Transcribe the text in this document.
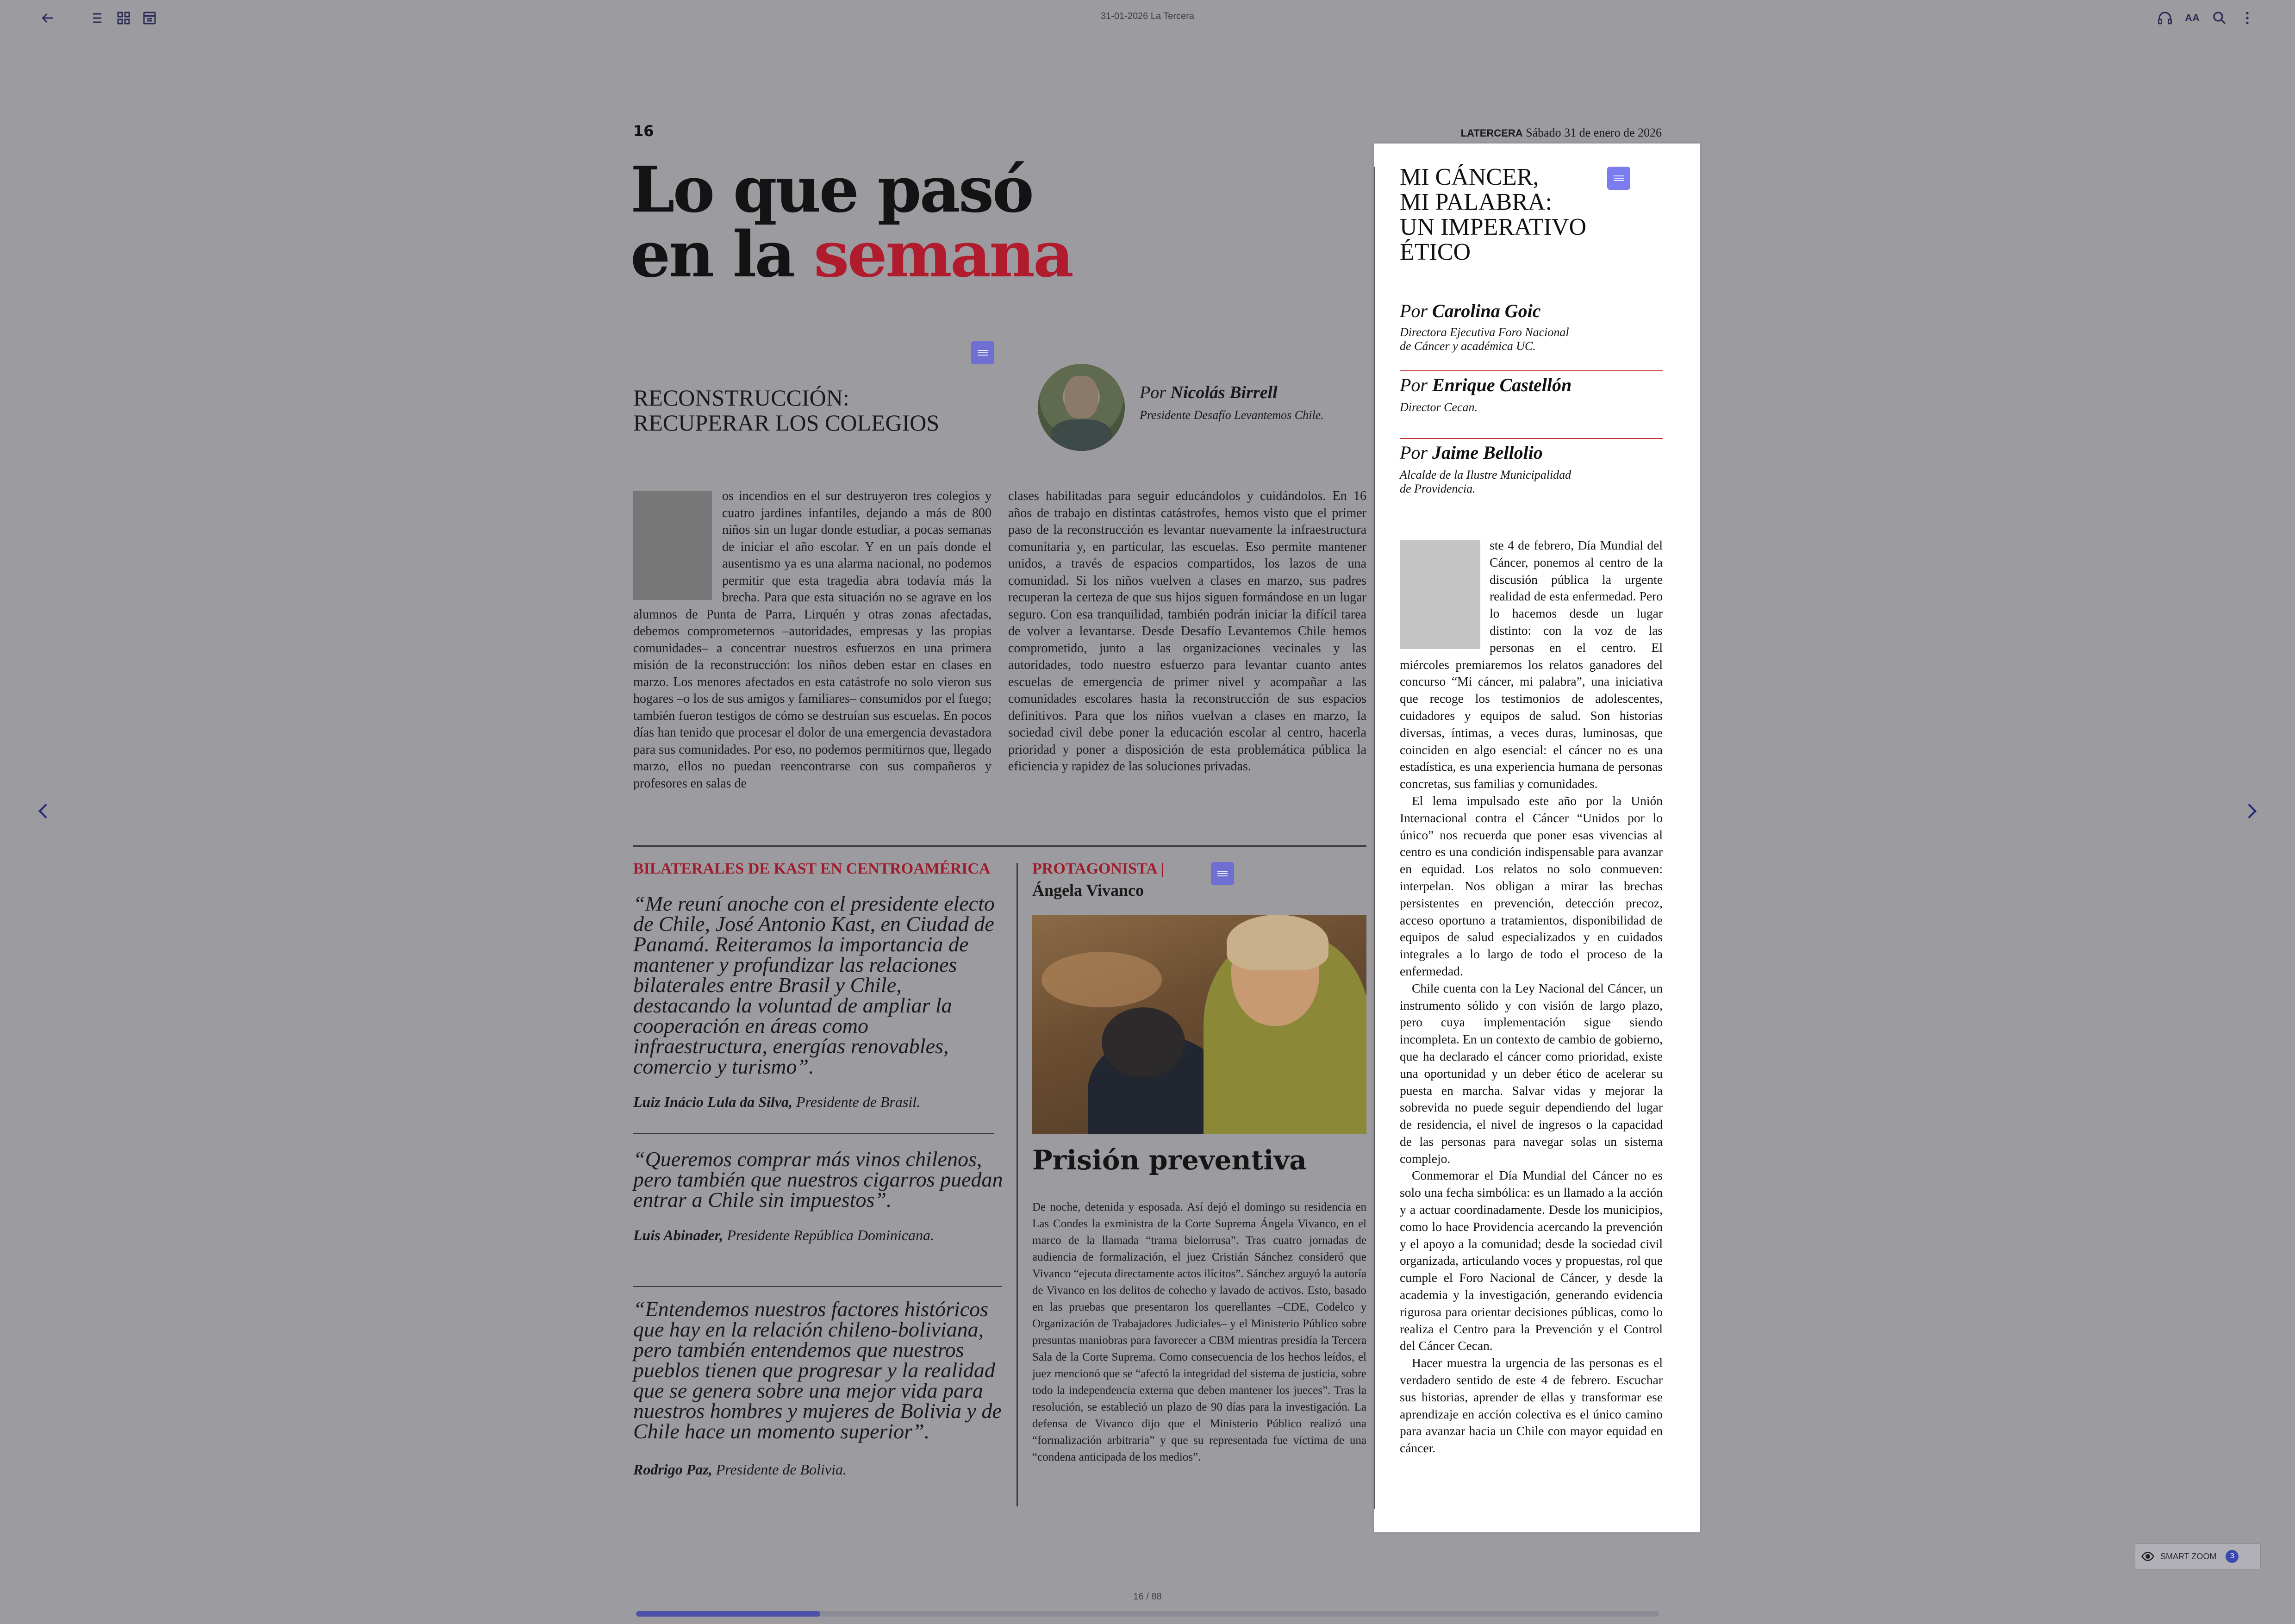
31-01-2026 La Tercera	AA
16	LATERCERA Sábado 31 de enero de 2026
Lo que pasó
en la semana
RECONSTRUCCIÓN:
RECUPERAR LOS COLEGIOS
Por Nicolás Birrell
Presidente Desafío Levantemos Chile.
os incendios en el sur destruyeron tres colegios y cuatro jardines infantiles, dejando a más de 800 niños sin un lugar donde estudiar, a pocas semanas de iniciar el año escolar. Y en un país donde el ausentismo ya es una alarma nacional, no podemos permitir que esta tragedia abra todavía más la brecha. Para que esta situación no se agrave en los alumnos de Punta de Parra, Lirquén y otras zonas afectadas, debemos comprometernos –autoridades, empresas y las propias comunidades– a concentrar nuestros esfuerzos en una primera misión de la reconstrucción: los niños deben estar en clases en marzo. Los menores afectados en esta catástrofe no solo vieron sus hogares –o los de sus amigos y familiares– consumidos por el fuego; también fueron testigos de cómo se destruían sus escuelas. En pocos días han tenido que procesar el dolor de una emergencia devastadora para sus comunidades. Por eso, no podemos permitirnos que, llegado marzo, ellos no puedan reencontrarse con sus compañeros y profesores en salas de
clases habilitadas para seguir educándolos y cuidándolos. En 16 años de trabajo en distintas catástrofes, hemos visto que el primer paso de la reconstrucción es levantar nuevamente la infraestructura comunitaria y, en particular, las escuelas. Eso permite mantener unidos, a través de espacios compartidos, los lazos de una comunidad. Si los niños vuelven a clases en marzo, sus padres recuperan la certeza de que sus hijos siguen formándose en un lugar seguro. Con esa tranquilidad, también podrán iniciar la difícil tarea de volver a levantarse. Desde Desafío Levantemos Chile hemos comprometido, junto a las organizaciones vecinales y las autoridades, todo nuestro esfuerzo para levantar cuanto antes escuelas de emergencia de primer nivel y acompañar a las comunidades escolares hasta la reconstrucción de sus espacios definitivos. Para que los niños vuelvan a clases en marzo, la sociedad civil debe poner la educación escolar al centro, hacerla prioridad y poner a disposición de esta problemática pública la eficiencia y rapidez de las soluciones privadas.
BILATERALES DE KAST EN CENTROAMÉRICA
“Me reuní anoche con el presidente electo de Chile, José Antonio Kast, en Ciudad de Panamá. Reiteramos la importancia de mantener y profundizar las relaciones bilaterales entre Brasil y Chile, destacando la voluntad de ampliar la cooperación en áreas como infraestructura, energías renovables, comercio y turismo”.
Luiz Inácio Lula da Silva, Presidente de Brasil.
“Queremos comprar más vinos chilenos, pero también que nuestros cigarros puedan entrar a Chile sin impuestos”.
Luis Abinader, Presidente República Dominicana.
“Entendemos nuestros factores históricos que hay en la relación chileno-boliviana, pero también entendemos que nuestros pueblos tienen que progresar y la realidad que se genera sobre una mejor vida para nuestros hombres y mujeres de Bolivia y de Chile hace un momento superior”.
Rodrigo Paz, Presidente de Bolivia.
PROTAGONISTA |
Ángela Vivanco
Prisión preventiva
De noche, detenida y esposada. Así dejó el domingo su residencia en Las Condes la exministra de la Corte Suprema Ángela Vivanco, en el marco de la llamada “trama bielorrusa”. Tras cuatro jornadas de audiencia de formalización, el juez Cristián Sánchez consideró que Vivanco “ejecuta directamente actos ilícitos”. Sánchez arguyó la autoría de Vivanco en los delitos de cohecho y lavado de activos. Esto, basado en las pruebas que presentaron los querellantes –CDE, Codelco y Organización de Trabajadores Judiciales– y el Ministerio Público sobre presuntas maniobras para favorecer a CBM mientras presidía la Tercera Sala de la Corte Suprema. Como consecuencia de los hechos leídos, el juez mencionó que se “afectó la integridad del sistema de justicia, sobre todo la independencia externa que deben mantener los jueces”. Tras la resolución, se estableció un plazo de 90 días para la investigación. La defensa de Vivanco dijo que el Ministerio Público realizó una “formalización arbitraria” y que su representada fue víctima de una “condena anticipada de los medios”.
MI CÁNCER,
MI PALABRA:
UN IMPERATIVO
ÉTICO
Por Carolina Goic
Directora Ejecutiva Foro Nacional
de Cáncer y académica UC.
Por Enrique Castellón
Director Cecan.
Por Jaime Bellolio
Alcalde de la Ilustre Municipalidad
de Providencia.

ste 4 de febrero, Día Mundial del Cáncer, ponemos al centro de la discusión pública la urgente realidad de esta enfermedad. Pero lo hacemos desde un lugar distinto: con la voz de las personas en el centro. El miércoles premiaremos los relatos ganadores del concurso “Mi cáncer, mi palabra”, una iniciativa que recoge los testimonios de adolescentes, cuidadores y equipos de salud. Son historias diversas, íntimas, a veces duras, luminosas, que coinciden en algo esencial: el cáncer no es una estadística, es una experiencia humana de personas concretas, sus familias y comunidades.

El lema impulsado este año por la Unión Internacional contra el Cáncer “Unidos por lo único” nos recuerda que poner esas vivencias al centro es una condición indispensable para avanzar en equidad. Los relatos no solo conmueven: interpelan. Nos obligan a mirar las brechas persistentes en prevención, detección precoz, acceso oportuno a tratamientos, disponibilidad de equipos de salud especializados y en cuidados integrales a lo largo de todo el proceso de la enfermedad.

Chile cuenta con la Ley Nacional del Cáncer, un instrumento sólido y con visión de largo plazo, pero cuya implementación sigue siendo incompleta. En un contexto de cambio de gobierno, que ha declarado el cáncer como prioridad, existe una oportunidad y un deber ético de acelerar su puesta en marcha. Salvar vidas y mejorar la sobrevida no puede seguir dependiendo del lugar de residencia, el nivel de ingresos o la capacidad de las personas para navegar solas un sistema complejo.

Conmemorar el Día Mundial del Cáncer no es solo una fecha simbólica: es un llamado a la acción y a actuar coordinadamente. Desde los municipios, como lo hace Providencia acercando la prevención y el apoyo a la comunidad; desde la sociedad civil organizada, articulando voces y propuestas, rol que cumple el Foro Nacional de Cáncer, y desde la academia y la investigación, generando evidencia rigurosa para orientar decisiones públicas, como lo realiza el Centro para la Prevención y el Control del Cáncer Cecan.

Hacer muestra la urgencia de las personas es el verdadero sentido de este 4 de febrero. Escuchar sus historias, aprender de ellas y transformar ese aprendizaje en acción colectiva es el único camino para avanzar hacia un Chile con mayor equidad en cáncer.

SMART ZOOM	3
16 / 88
